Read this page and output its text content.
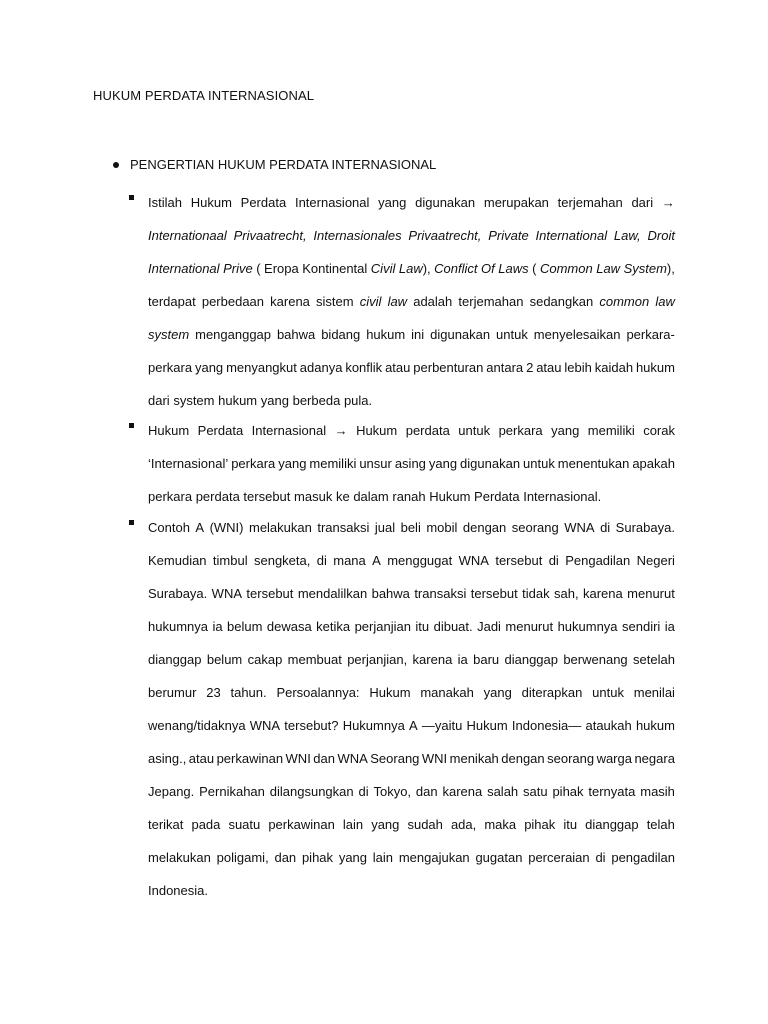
HUKUM PERDATA INTERNASIONAL
PENGERTIAN HUKUM PERDATA INTERNASIONAL
Istilah Hukum Perdata Internasional yang digunakan merupakan terjemahan dari →
Internationaal Privaatrecht, Internasionales Privaatrecht, Private International Law, Droit
International Prive ( Eropa Kontinental Civil Law), Conflict Of Laws ( Common Law System),
terdapat perbedaan karena sistem civil law adalah terjemahan sedangkan common law
system menganggap bahwa bidang hukum ini digunakan untuk menyelesaikan perkara-
perkara yang menyangkut adanya konflik atau perbenturan antara 2 atau lebih kaidah hukum
dari system hukum yang berbeda pula.
Hukum Perdata Internasional → Hukum perdata untuk perkara yang memiliki corak
‘Internasional’ perkara yang memiliki unsur asing yang digunakan untuk menentukan apakah
perkara perdata tersebut masuk ke dalam ranah Hukum Perdata Internasional.
Contoh A (WNI) melakukan transaksi jual beli mobil dengan seorang WNA di Surabaya.
Kemudian timbul sengketa, di mana A menggugat WNA tersebut di Pengadilan Negeri
Surabaya. WNA tersebut mendalilkan bahwa transaksi tersebut tidak sah, karena menurut
hukumnya ia belum dewasa ketika perjanjian itu dibuat. Jadi menurut hukumnya sendiri ia
dianggap belum cakap membuat perjanjian, karena ia baru dianggap berwenang setelah
berumur 23 tahun. Persoalannya: Hukum manakah yang diterapkan untuk menilai
wenang/tidaknya WNA tersebut? Hukumnya A —yaitu Hukum Indonesia— ataukah hukum
asing., atau perkawinan WNI dan WNA Seorang WNI menikah dengan seorang warga negara
Jepang. Pernikahan dilangsungkan di Tokyo, dan karena salah satu pihak ternyata masih
terikat pada suatu perkawinan lain yang sudah ada, maka pihak itu dianggap telah
melakukan poligami, dan pihak yang lain mengajukan gugatan perceraian di pengadilan
Indonesia.
